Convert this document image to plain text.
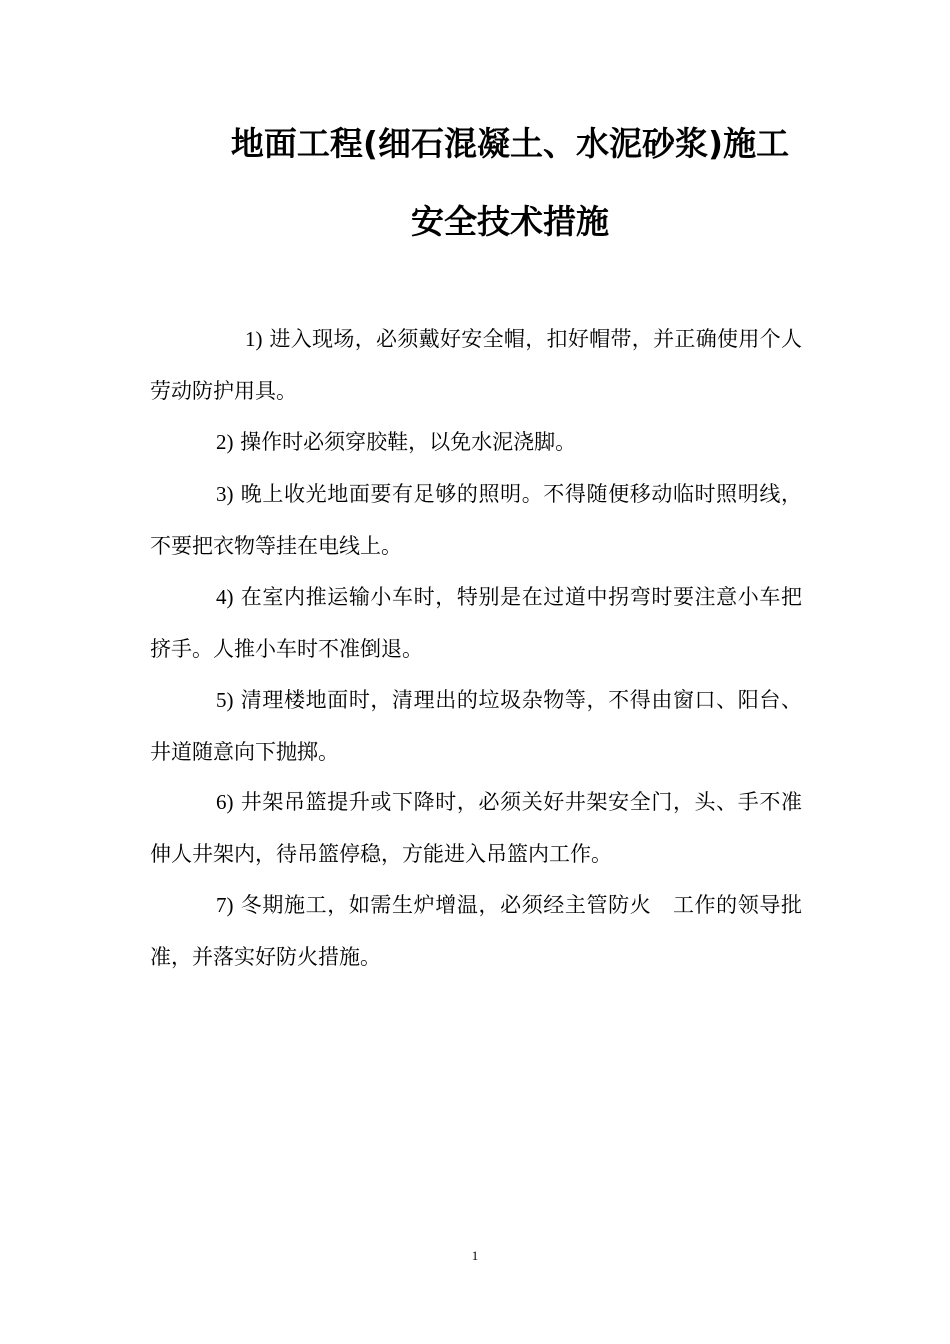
地面工程(细石混凝土、水泥砂浆)施工
安全技术措施

1) 进入现场，必须戴好安全帽，扣好帽带，并正确使用个人劳动防护用具。

2) 操作时必须穿胶鞋，以免水泥浇脚。

3) 晚上收光地面要有足够的照明。不得随便移动临时照明线，不要把衣物等挂在电线上。

4) 在室内推运输小车时，特别是在过道中拐弯时要注意小车把挤手。人推小车时不准倒退。

5) 清理楼地面时，清理出的垃圾杂物等，不得由窗口、阳台、井道随意向下抛掷。

6) 井架吊篮提升或下降时，必须关好井架安全门，头、手不准伸人井架内，待吊篮停稳，方能进入吊篮内工作。

7) 冬期施工，如需生炉增温，必须经主管防火　工作的领导批准，并落实好防火措施。

1
